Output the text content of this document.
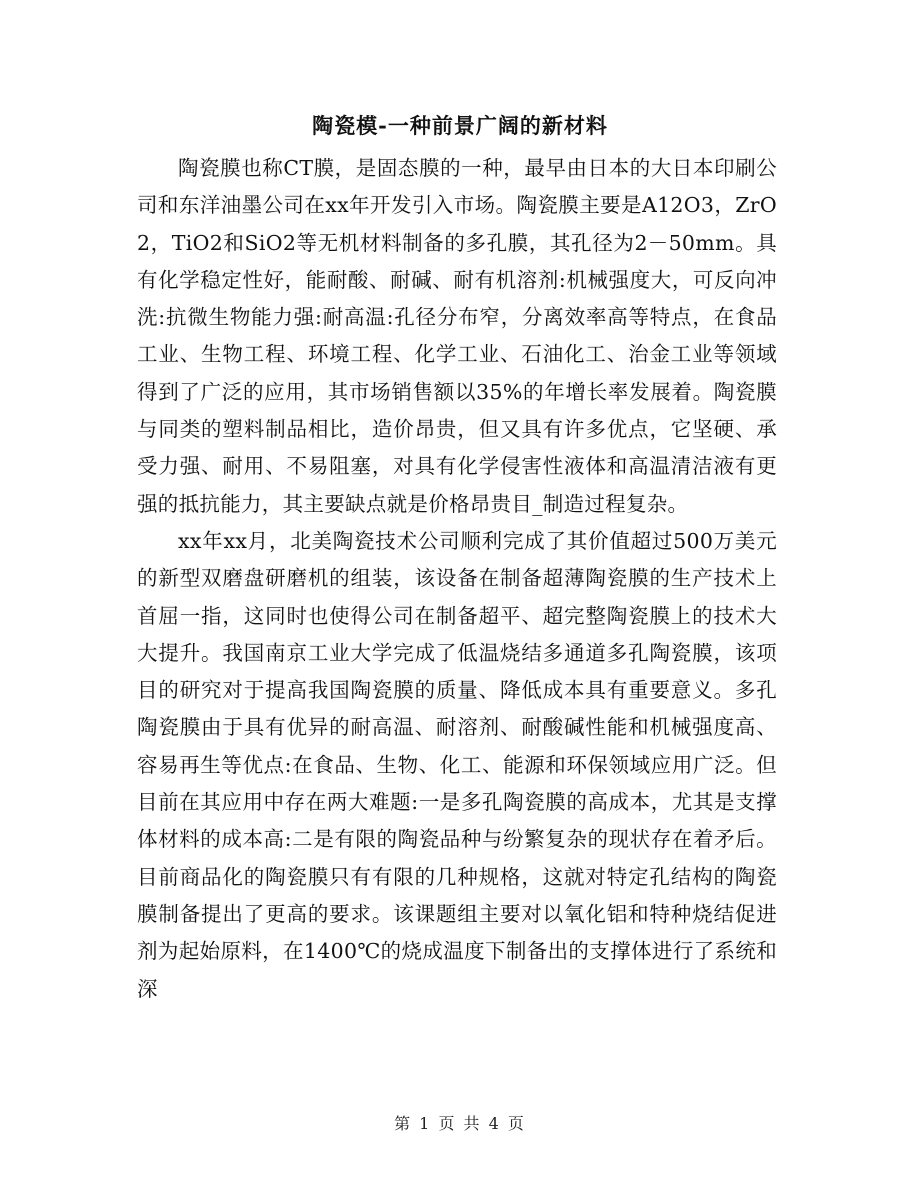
陶瓷模-一种前景广阔的新材料

陶瓷膜也称CT膜，是固态膜的一种，最早由日本的大日本印刷公司和东洋油墨公司在xx年开发引入市场。陶瓷膜主要是A12O3，ZrO2，TiO2和SiO2等无机材料制备的多孔膜，其孔径为2－50mm。具有化学稳定性好，能耐酸、耐碱、耐有机溶剂:机械强度大，可反向冲洗:抗微生物能力强:耐高温:孔径分布窄，分离效率高等特点，在食品工业、生物工程、环境工程、化学工业、石油化工、治金工业等领域得到了广泛的应用，其市场销售额以35%的年增长率发展着。陶瓷膜与同类的塑料制品相比，造价昂贵，但又具有许多优点，它坚硬、承受力强、耐用、不易阻塞，对具有化学侵害性液体和高温清洁液有更强的抵抗能力，其主要缺点就是价格昂贵目_制造过程复杂。

xx年xx月，北美陶瓷技术公司顺利完成了其价值超过500万美元的新型双磨盘研磨机的组装，该设备在制备超薄陶瓷膜的生产技术上首屈一指，这同时也使得公司在制备超平、超完整陶瓷膜上的技术大大提升。我国南京工业大学完成了低温烧结多通道多孔陶瓷膜，该项目的研究对于提高我国陶瓷膜的质量、降低成本具有重要意义。多孔陶瓷膜由于具有优异的耐高温、耐溶剂、耐酸碱性能和机械强度高、容易再生等优点:在食品、生物、化工、能源和环保领域应用广泛。但目前在其应用中存在两大难题:一是多孔陶瓷膜的高成本，尤其是支撑体材料的成本高:二是有限的陶瓷品种与纷繁复杂的现状存在着矛后。目前商品化的陶瓷膜只有有限的几种规格，这就对特定孔结构的陶瓷膜制备提出了更高的要求。该课题组主要对以氧化铝和特种烧结促进剂为起始原料，在1400℃的烧成温度下制备出的支撑体进行了系统和深

第 1 页 共 4 页
